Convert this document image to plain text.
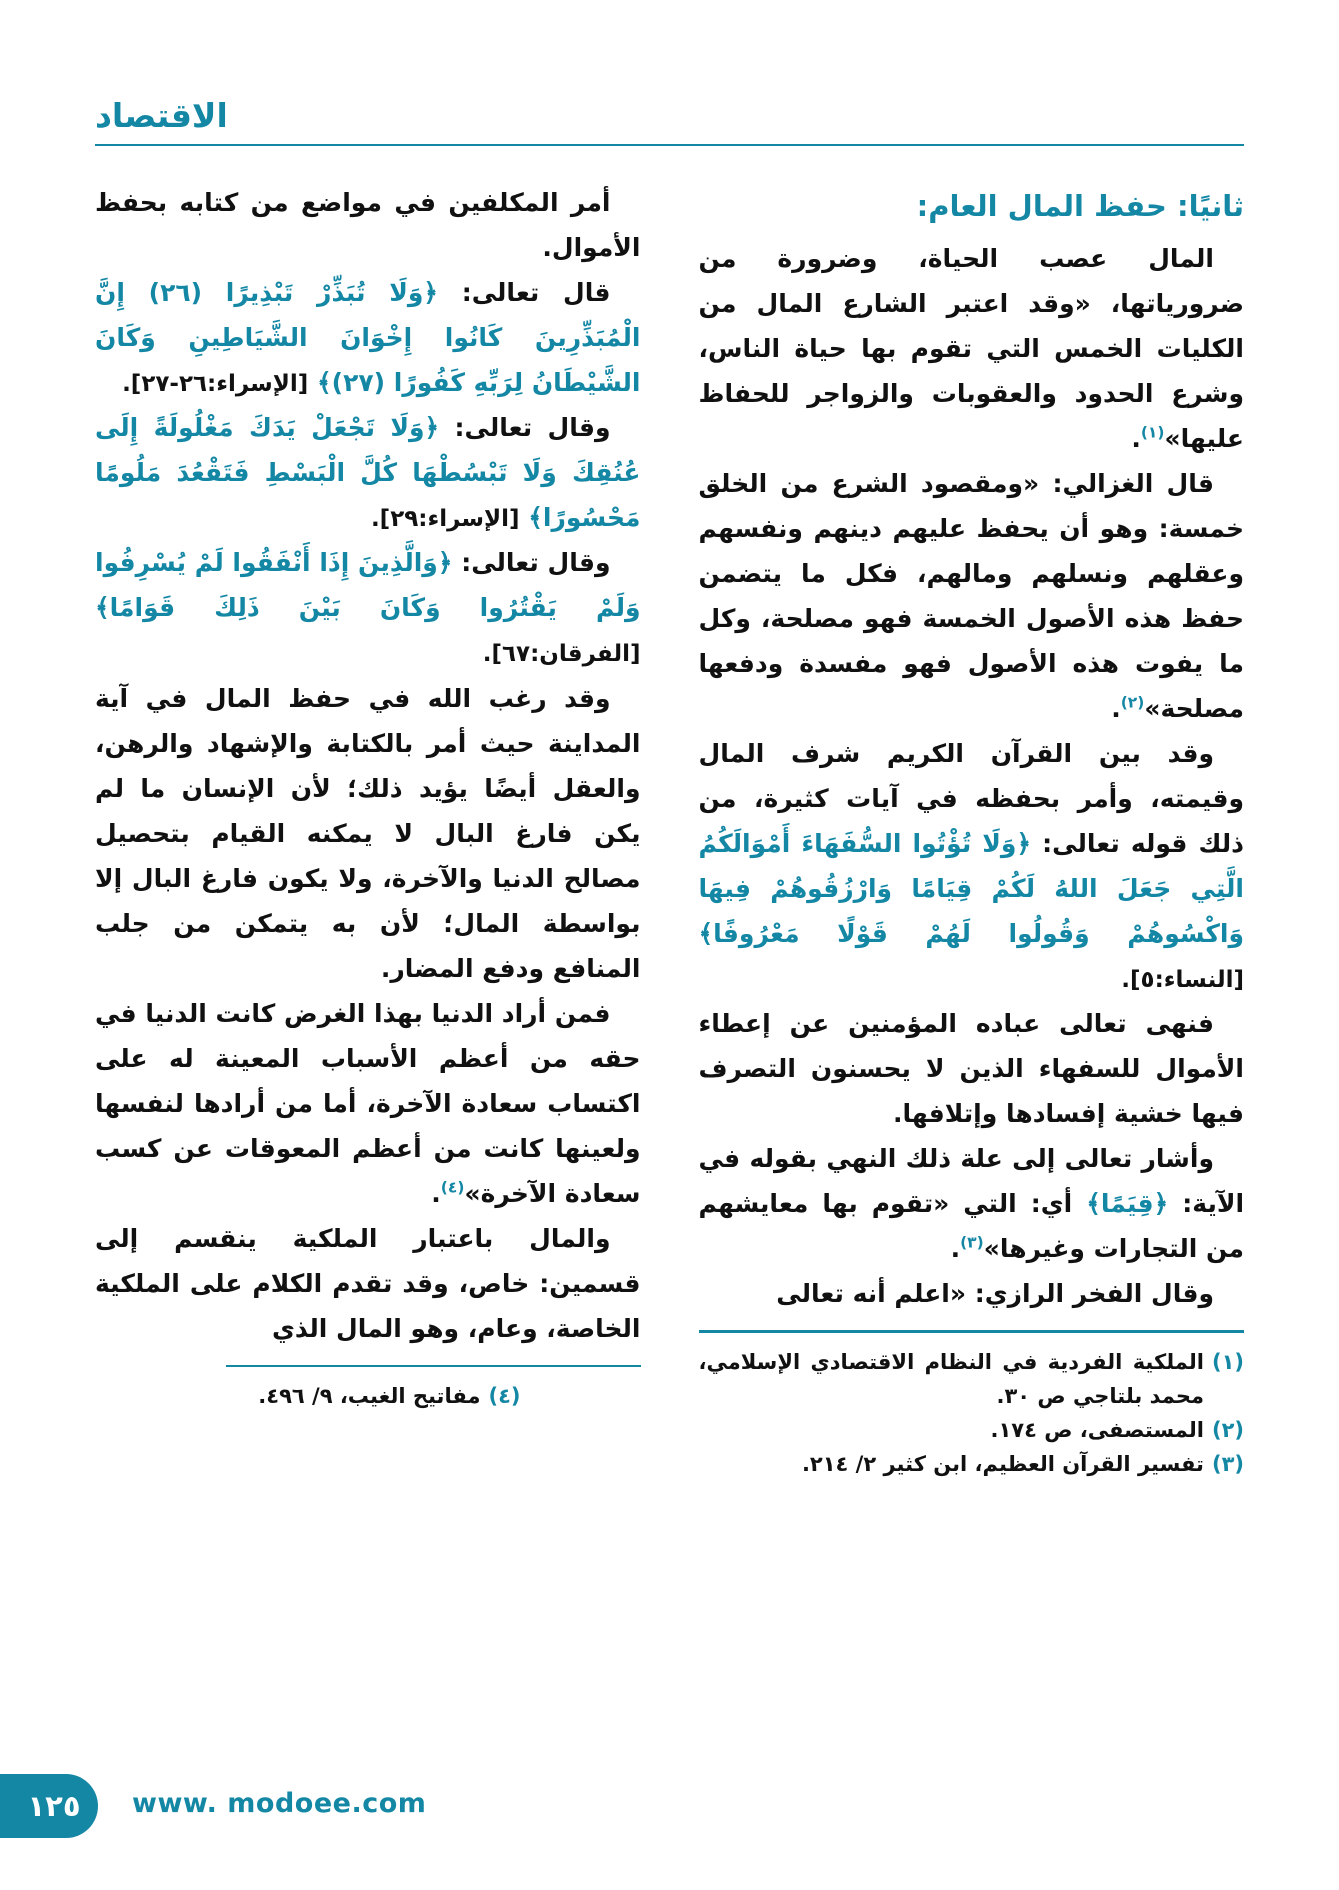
الاقتصاد
ثانيًا: حفظ المال العام:

المال عصب الحياة، وضرورة من ضرورياتها، «وقد اعتبر الشارع المال من الكليات الخمس التي تقوم بها حياة الناس، وشرع الحدود والعقوبات والزواجر للحفاظ عليها»$^{(١)}$.

قال الغزالي: «ومقصود الشرع من الخلق خمسة: وهو أن يحفظ عليهم دينهم ونفسهم وعقلهم ونسلهم ومالهم، فكل ما يتضمن حفظ هذه الأصول الخمسة فهو مصلحة، وكل ما يفوت هذه الأصول فهو مفسدة ودفعها مصلحة»$^{(٢)}$.

وقد بين القرآن الكريم شرف المال وقيمته، وأمر بحفظه في آيات كثيرة، من ذلك قوله تعالى: ﴿وَلَا تُؤْتُوا السُّفَهَاءَ أَمْوَالَكُمُ الَّتِي جَعَلَ اللهُ لَكُمْ قِيَامًا وَارْزُقُوهُمْ فِيهَا وَاكْسُوهُمْ وَقُولُوا لَهُمْ قَوْلًا مَعْرُوفًا﴾ [النساء:٥].

فنهى تعالى عباده المؤمنين عن إعطاء الأموال للسفهاء الذين لا يحسنون التصرف فيها خشية إفسادها وإتلافها.

وأشار تعالى إلى علة ذلك النهي بقوله في الآية: ﴿قِيَمًا﴾ أي: التي «تقوم بها معايشهم من التجارات وغيرها»$^{(٣)}$.

وقال الفخر الرازي: «اعلم أنه تعالى

(١)
الملكية الفردية في النظام الاقتصادي الإسلامي، محمد بلتاجي ص ٣٠.
(٢)
المستصفى، ص ١٧٤.
(٣)
تفسير القرآن العظيم، ابن كثير ٢/ ٢١٤.

أمر المكلفين في مواضع من كتابه بحفظ الأموال.

قال تعالى: ﴿وَلَا تُبَذِّرْ تَبْذِيرًا (٢٦) إِنَّ الْمُبَذِّرِينَ كَانُوا إِخْوَانَ الشَّيَاطِينِ وَكَانَ الشَّيْطَانُ لِرَبِّهِ كَفُورًا (٢٧)﴾ [الإسراء:٢٦-٢٧].

وقال تعالى: ﴿وَلَا تَجْعَلْ يَدَكَ مَغْلُولَةً إِلَى عُنُقِكَ وَلَا تَبْسُطْهَا كُلَّ الْبَسْطِ فَتَقْعُدَ مَلُومًا مَحْسُورًا﴾ [الإسراء:٢٩].

وقال تعالى: ﴿وَالَّذِينَ إِذَا أَنْفَقُوا لَمْ يُسْرِفُوا وَلَمْ يَقْتُرُوا وَكَانَ بَيْنَ ذَلِكَ قَوَامًا﴾ [الفرقان:٦٧].

وقد رغب الله في حفظ المال في آية المداينة حيث أمر بالكتابة والإشهاد والرهن، والعقل أيضًا يؤيد ذلك؛ لأن الإنسان ما لم يكن فارغ البال لا يمكنه القيام بتحصيل مصالح الدنيا والآخرة، ولا يكون فارغ البال إلا بواسطة المال؛ لأن به يتمكن من جلب المنافع ودفع المضار.

فمن أراد الدنيا بهذا الغرض كانت الدنيا في حقه من أعظم الأسباب المعينة له على اكتساب سعادة الآخرة، أما من أرادها لنفسها ولعينها كانت من أعظم المعوقات عن كسب سعادة الآخرة»$^{(٤)}$.

والمال باعتبار الملكية ينقسم إلى قسمين: خاص، وقد تقدم الكلام على الملكية الخاصة، وعام، وهو المال الذي

(٤)
مفاتيح الغيب، ٩/ ٤٩٦.
١٢٥ www. modoee.com
